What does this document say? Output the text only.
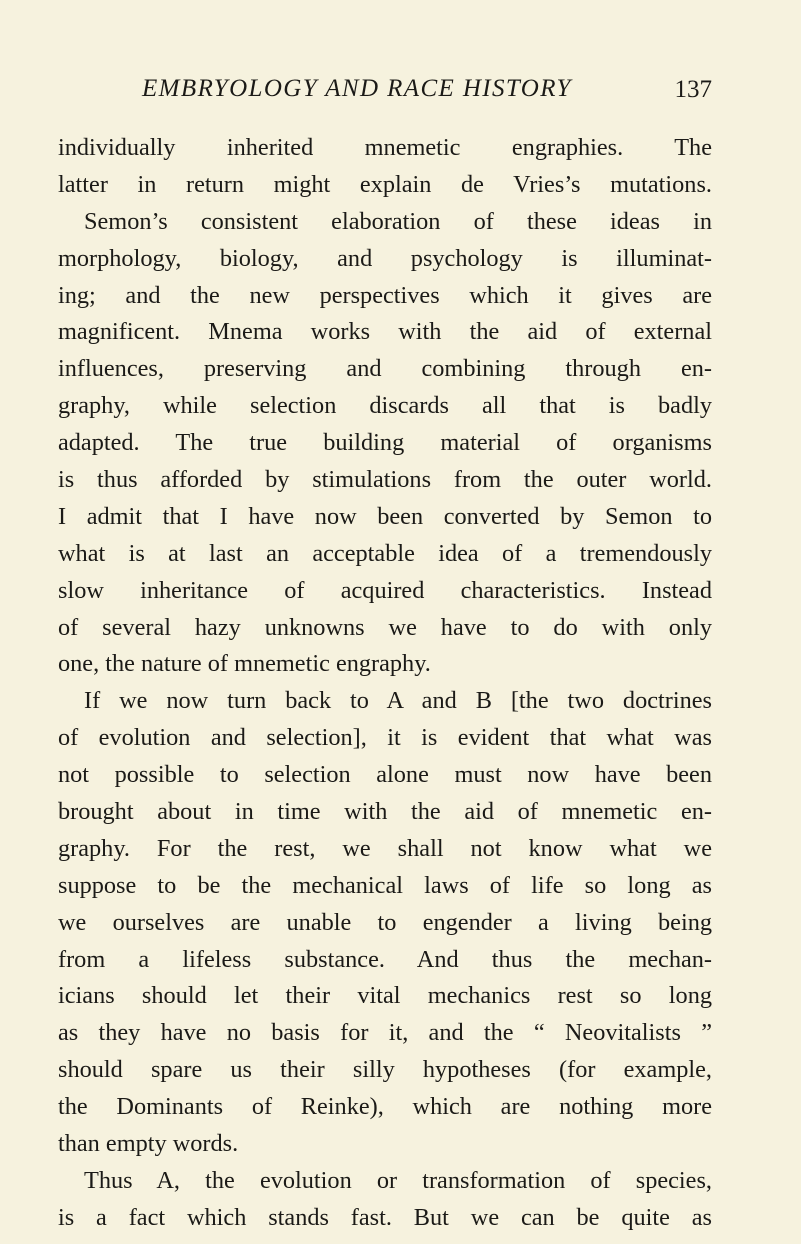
EMBRYOLOGY AND RACE HISTORY	137
individually inherited mnemetic engraphies. The
latter in return might explain de Vries’s mutations.
Semon’s consistent elaboration of these ideas in
morphology, biology, and psychology is illuminat-
ing; and the new perspectives which it gives are
magnificent. Mnema works with the aid of external
influences, preserving and combining through en-
graphy, while selection discards all that is badly
adapted. The true building material of organisms
is thus afforded by stimulations from the outer world.
I admit that I have now been converted by Semon to
what is at last an acceptable idea of a tremendously
slow inheritance of acquired characteristics. Instead
of several hazy unknowns we have to do with only
one, the nature of mnemetic engraphy.
If we now turn back to A and B [the two doctrines
of evolution and selection], it is evident that what was
not possible to selection alone must now have been
brought about in time with the aid of mnemetic en-
graphy. For the rest, we shall not know what we
suppose to be the mechanical laws of life so long as
we ourselves are unable to engender a living being
from a lifeless substance. And thus the mechan-
icians should let their vital mechanics rest so long
as they have no basis for it, and the “ Neovitalists ”
should spare us their silly hypotheses (for example,
the Dominants of Reinke), which are nothing more
than empty words.
Thus A, the evolution or transformation of species,
is a fact which stands fast. But we can be quite as
